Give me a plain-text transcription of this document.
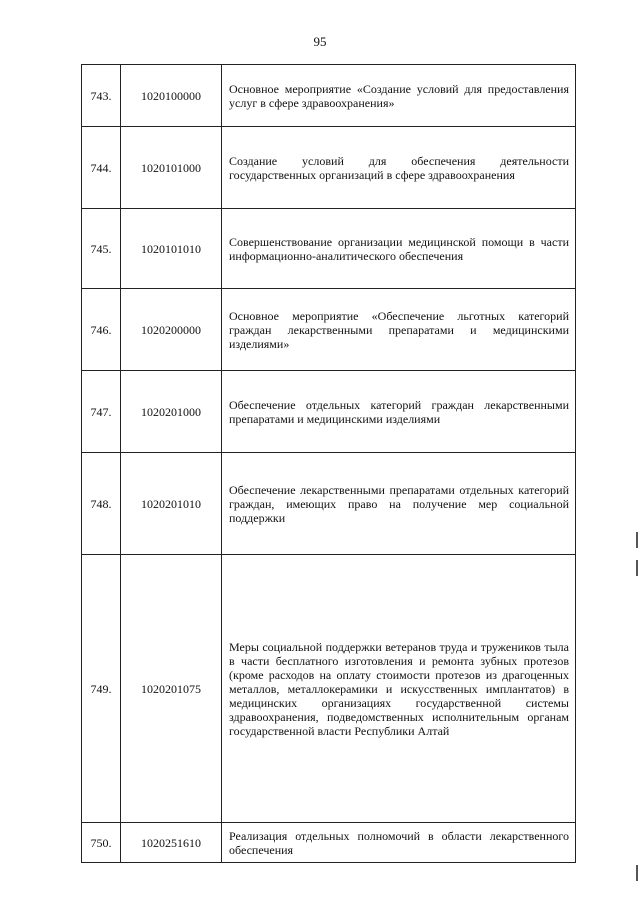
95
743.	1020100000	Основное мероприятие «Создание условий для предоставления услуг в сфере здравоохранения»
744.	1020101000	Создание условий для обеспечения деятельности государственных организаций в сфере здравоохранения
745.	1020101010	Совершенствование организации медицинской помощи в части информационно-аналитического обеспечения
746.	1020200000	Основное мероприятие «Обеспечение льготных категорий граждан лекарственными препаратами и медицинскими изделиями»
747.	1020201000	Обеспечение отдельных категорий граждан лекарственными препаратами и медицинскими изделиями
748.	1020201010	Обеспечение лекарственными препаратами отдельных категорий граждан, имеющих право на получение мер социальной поддержки
749.	1020201075	Меры социальной поддержки ветеранов труда и тружеников тыла в части бесплатного изготовления и ремонта зубных протезов (кроме расходов на оплату стоимости протезов из драгоценных металлов, металлокерамики и искусственных имплантатов) в медицинских организациях государственной системы здравоохранения, подведомственных исполнительным органам государственной власти Республики Алтай
750.	1020251610	Реализация отдельных полномочий в области лекарственного обеспечения
